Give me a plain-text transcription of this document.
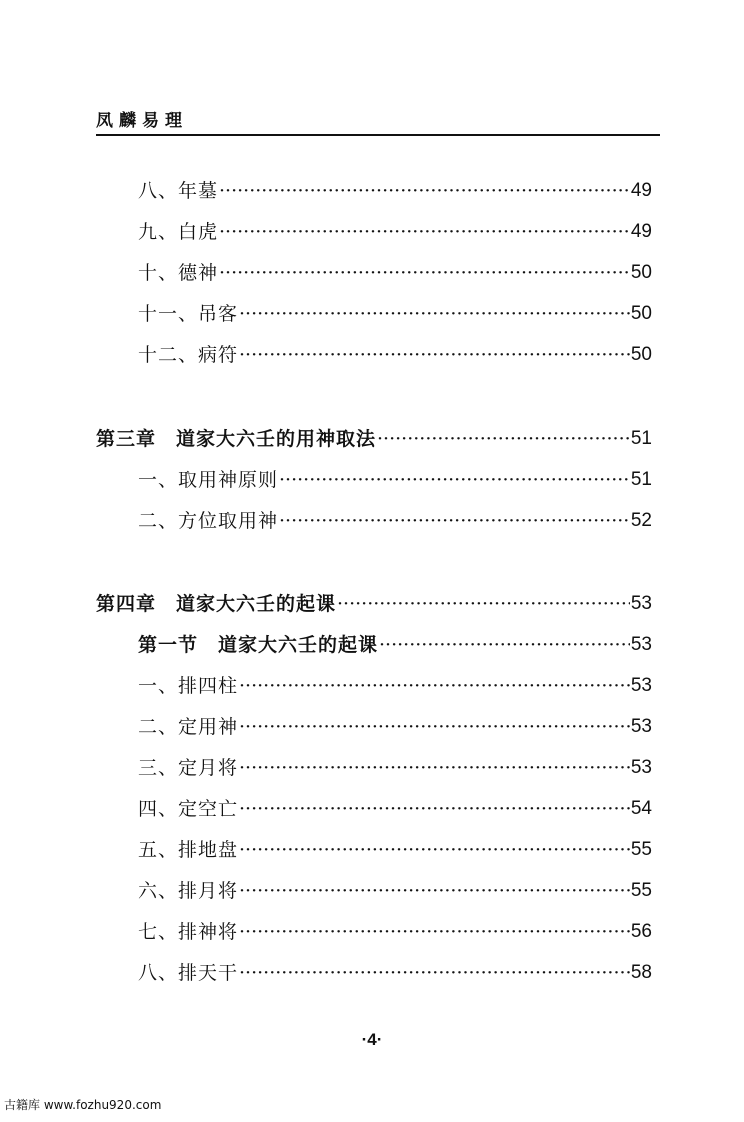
凤麟易理
八、年墓 ·····	49
九、白虎 ·····	49
十、德神 ·····	50
十一、吊客 ·····	50
十二、病符 ·····	50
第三章　道家大六壬的用神取法 ·····	51
一、取用神原则 ·····	51
二、方位取用神 ·····	52
第四章　道家大六壬的起课 ·····	53
第一节　道家大六壬的起课 ·····	53
一、排四柱 ·····	53
二、定用神 ·····	53
三、定月将 ·····	53
四、定空亡 ·····	54
五、排地盘 ·····	55
六、排月将 ·····	55
七、排神将 ·····	56
八、排天干 ·····	58
·4·
古籍库 www.fozhu920.com
